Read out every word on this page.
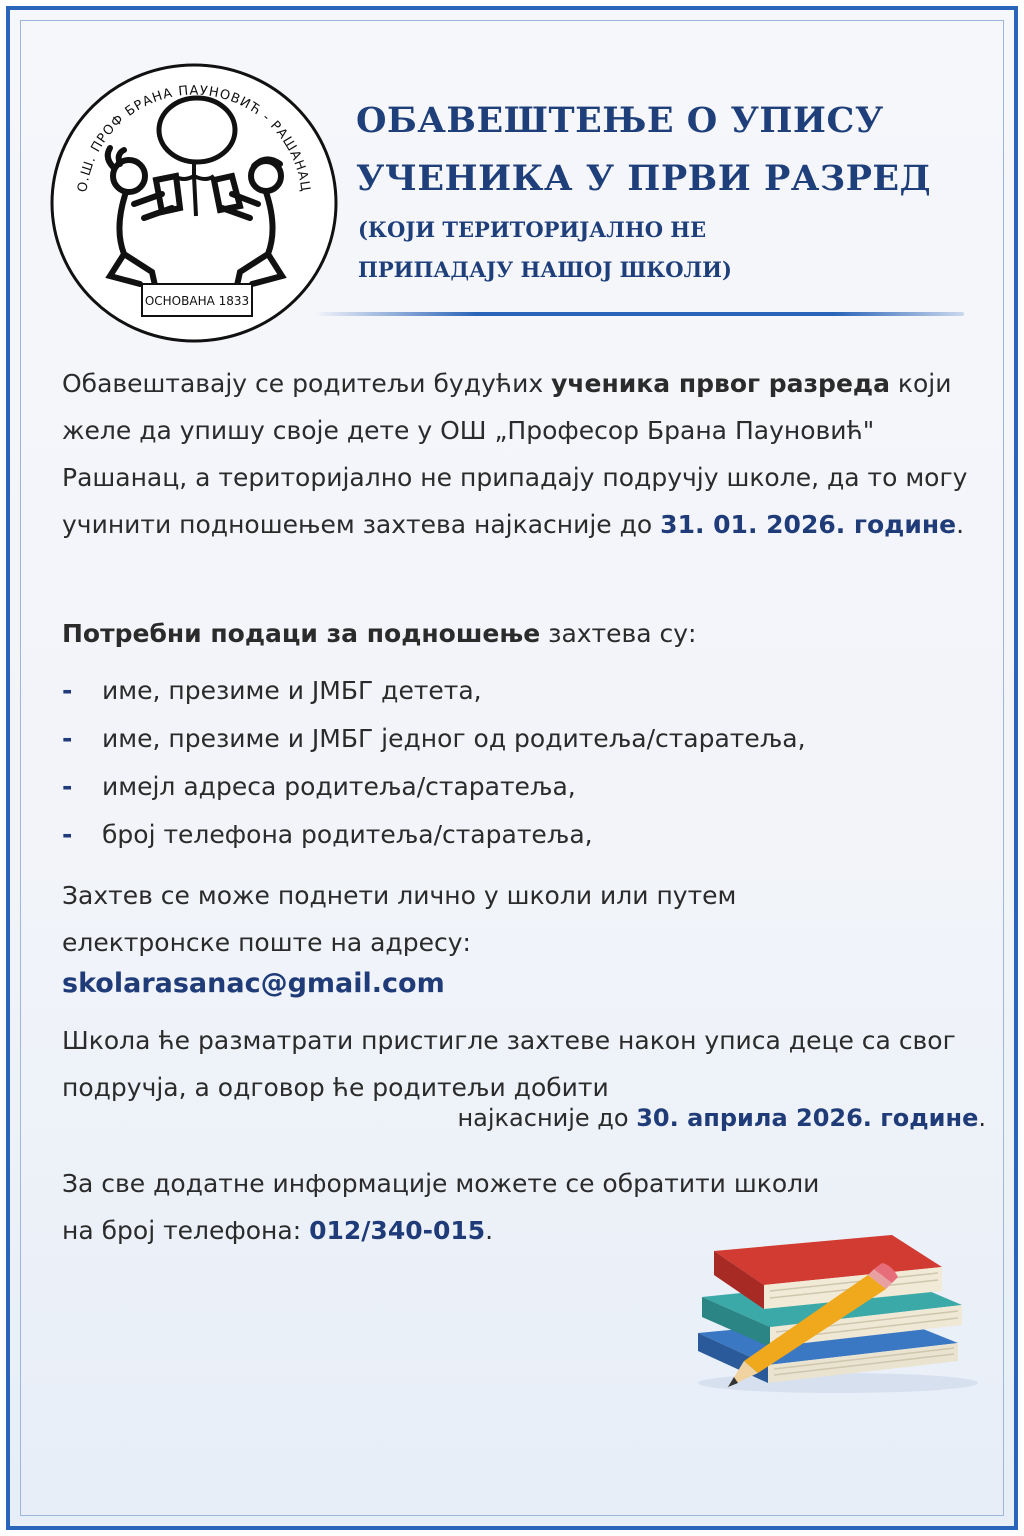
О.Ш. ПРОФ БРАНА ПАУНОВИЋ - РАШАНАЦ
ОСНОВАНА 1833
ОБАВЕШТЕЊЕ О УПИСУ
УЧЕНИКА У ПРВИ РАЗРЕД
(КОЈИ ТЕРИТОРИЈАЛНО НЕ
ПРИПАДАЈУ НАШОЈ ШКОЛИ)
Обавештавају се родитељи будућих ученика првог разреда који желе да упишу своје дете у ОШ „Професор Брана Пауновић" Рашанац, а територијално не припадају подручју школе, да то могу учинити подношењем захтева најкасније до 31. 01. 2026. године.
Потребни подаци за подношење захтева су:
- име, презиме и ЈМБГ детета,
- име, презиме и ЈМБГ једног од родитеља/старатеља,
- имејл адреса родитеља/старатеља,
- број телефона родитеља/старатеља,
Захтев се може поднети лично у школи или путем електронске поште на адресу:
skolarasanac@gmail.com
Школа ће разматрати пристигле захтеве након уписа деце са свог подручја, а одговор ће родитељи добити
најкасније до 30. априла 2026. године.
За све додатне информације можете се обратити школи на број телефона: 012/340-015.
